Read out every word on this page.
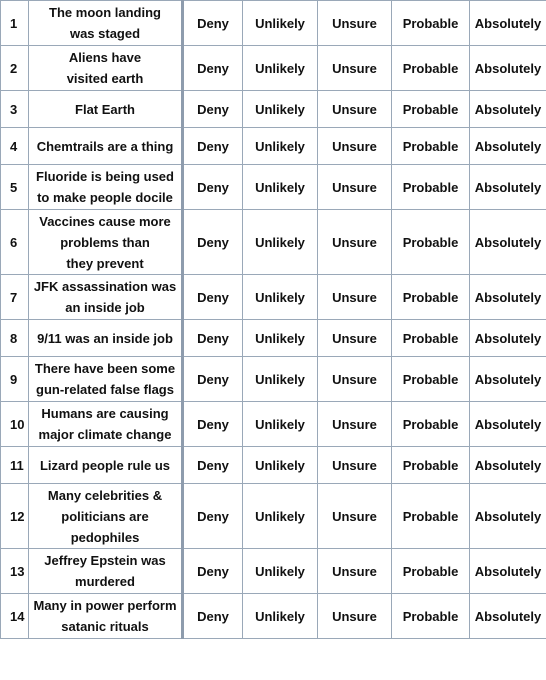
1	The moon landing
was staged	Deny	Unlikely	Unsure	Probable	Absolutely
2	Aliens have
visited earth	Deny	Unlikely	Unsure	Probable	Absolutely
3	Flat Earth	Deny	Unlikely	Unsure	Probable	Absolutely
4	Chemtrails are a thing	Deny	Unlikely	Unsure	Probable	Absolutely
5	Fluoride is being used
to make people docile	Deny	Unlikely	Unsure	Probable	Absolutely
6	Vaccines cause more
problems than
they prevent	Deny	Unlikely	Unsure	Probable	Absolutely
7	JFK assassination was
an inside job	Deny	Unlikely	Unsure	Probable	Absolutely
8	9/11 was an inside job	Deny	Unlikely	Unsure	Probable	Absolutely
9	There have been some
gun-related false flags	Deny	Unlikely	Unsure	Probable	Absolutely
10	Humans are causing
major climate change	Deny	Unlikely	Unsure	Probable	Absolutely
11	Lizard people rule us	Deny	Unlikely	Unsure	Probable	Absolutely
12	Many celebrities &
politicians are
pedophiles	Deny	Unlikely	Unsure	Probable	Absolutely
13	Jeffrey Epstein was
murdered	Deny	Unlikely	Unsure	Probable	Absolutely
14	Many in power perform
satanic rituals	Deny	Unlikely	Unsure	Probable	Absolutely
